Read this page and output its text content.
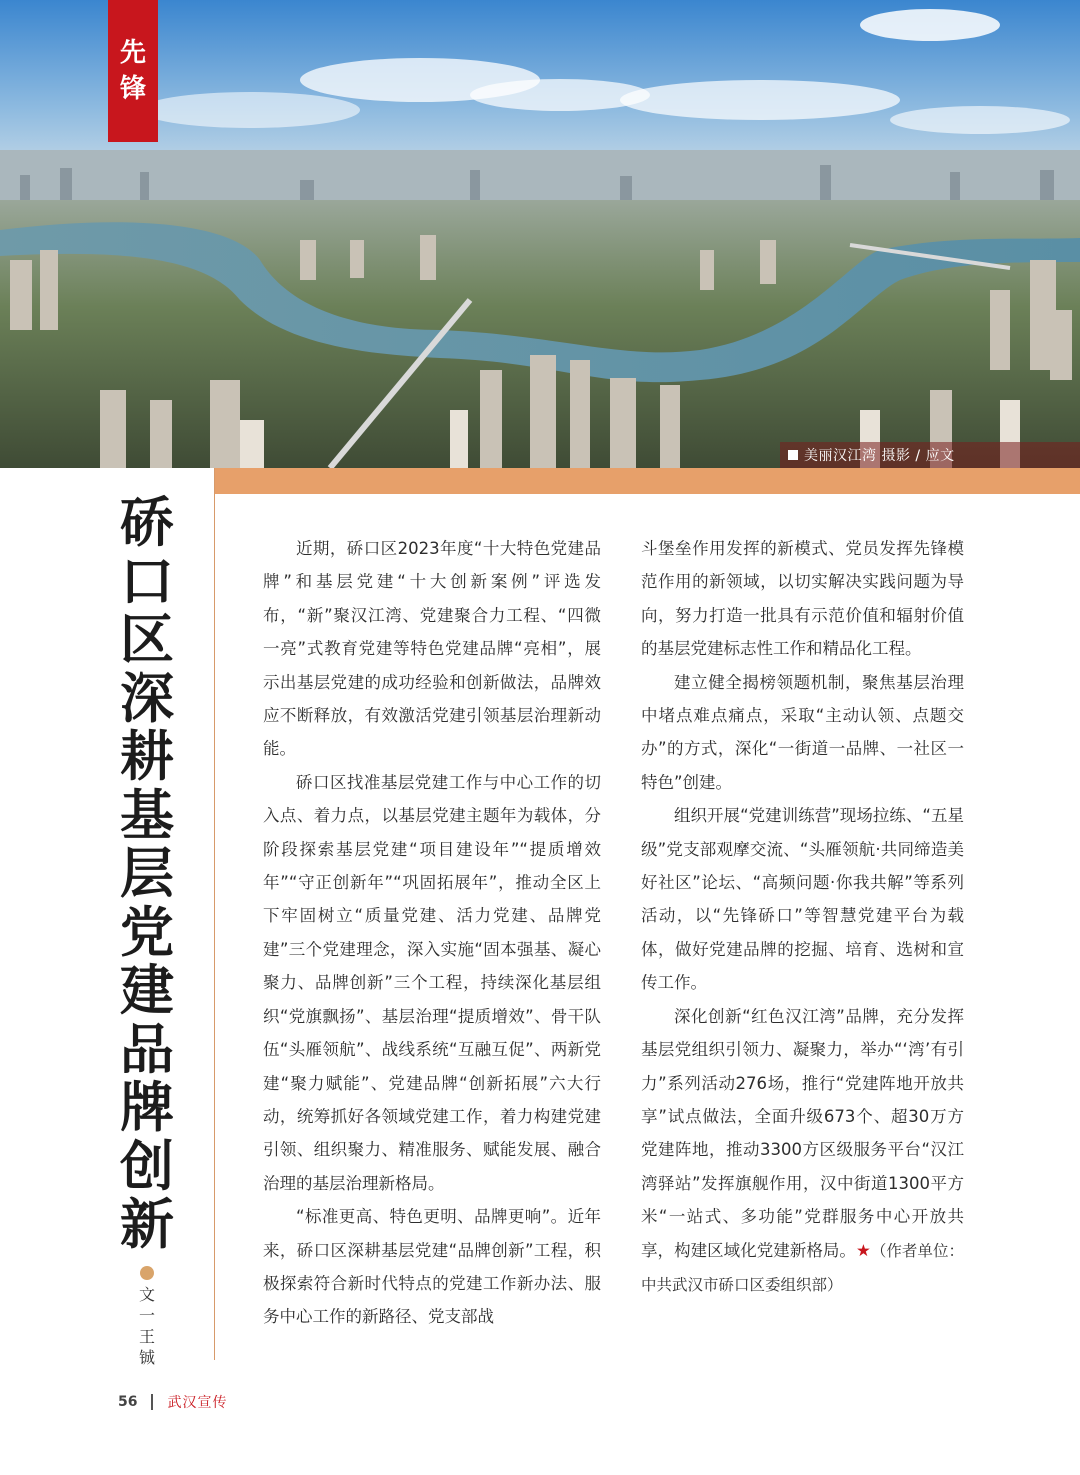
先
锋
美丽汉江湾 摄影 / 应文
硚
口
区
深
耕
基
层
党
建
品
牌
创
新
文
一
王
铖

近期，硚口区2023年度“十大特色党建品牌”和基层党建“十大创新案例”评选发布，“新”聚汉江湾、党建聚合力工程、“四微一亮”式教育党建等特色党建品牌“亮相”，展示出基层党建的成功经验和创新做法，品牌效应不断释放，有效激活党建引领基层治理新动能。

硚口区找准基层党建工作与中心工作的切入点、着力点，以基层党建主题年为载体，分阶段探索基层党建“项目建设年”“提质增效年”“守正创新年”“巩固拓展年”，推动全区上下牢固树立“质量党建、活力党建、品牌党建”三个党建理念，深入实施“固本强基、凝心聚力、品牌创新”三个工程，持续深化基层组织“党旗飘扬”、基层治理“提质增效”、骨干队伍“头雁领航”、战线系统“互融互促”、两新党建“聚力赋能”、党建品牌“创新拓展”六大行动，统筹抓好各领域党建工作，着力构建党建引领、组织聚力、精准服务、赋能发展、融合治理的基层治理新格局。

“标准更高、特色更明、品牌更响”。近年来，硚口区深耕基层党建“品牌创新”工程，积极探索符合新时代特点的党建工作新办法、服务中心工作的新路径、党支部战

斗堡垒作用发挥的新模式、党员发挥先锋模范作用的新领域，以切实解决实践问题为导向，努力打造一批具有示范价值和辐射价值的基层党建标志性工作和精品化工程。

建立健全揭榜领题机制，聚焦基层治理中堵点难点痛点，采取“主动认领、点题交办”的方式，深化“一街道一品牌、一社区一特色”创建。

组织开展“党建训练营”现场拉练、“五星级”党支部观摩交流、“头雁领航·共同缔造美好社区”论坛、“高频问题·你我共解”等系列活动，以“先锋硚口”等智慧党建平台为载体，做好党建品牌的挖掘、培育、选树和宣传工作。

深化创新“红色汉江湾”品牌，充分发挥基层党组织引领力、凝聚力，举办“‘湾’有引力”系列活动276场，推行“党建阵地开放共享”试点做法，全面升级673个、超30万方党建阵地，推动3300方区级服务平台“汉江湾驿站”发挥旗舰作用，汉中街道1300平方米“一站式、多功能”党群服务中心开放共享，构建区域化党建新格局。★（作者单位：中共武汉市硚口区委组织部）

56 武汉宣传
